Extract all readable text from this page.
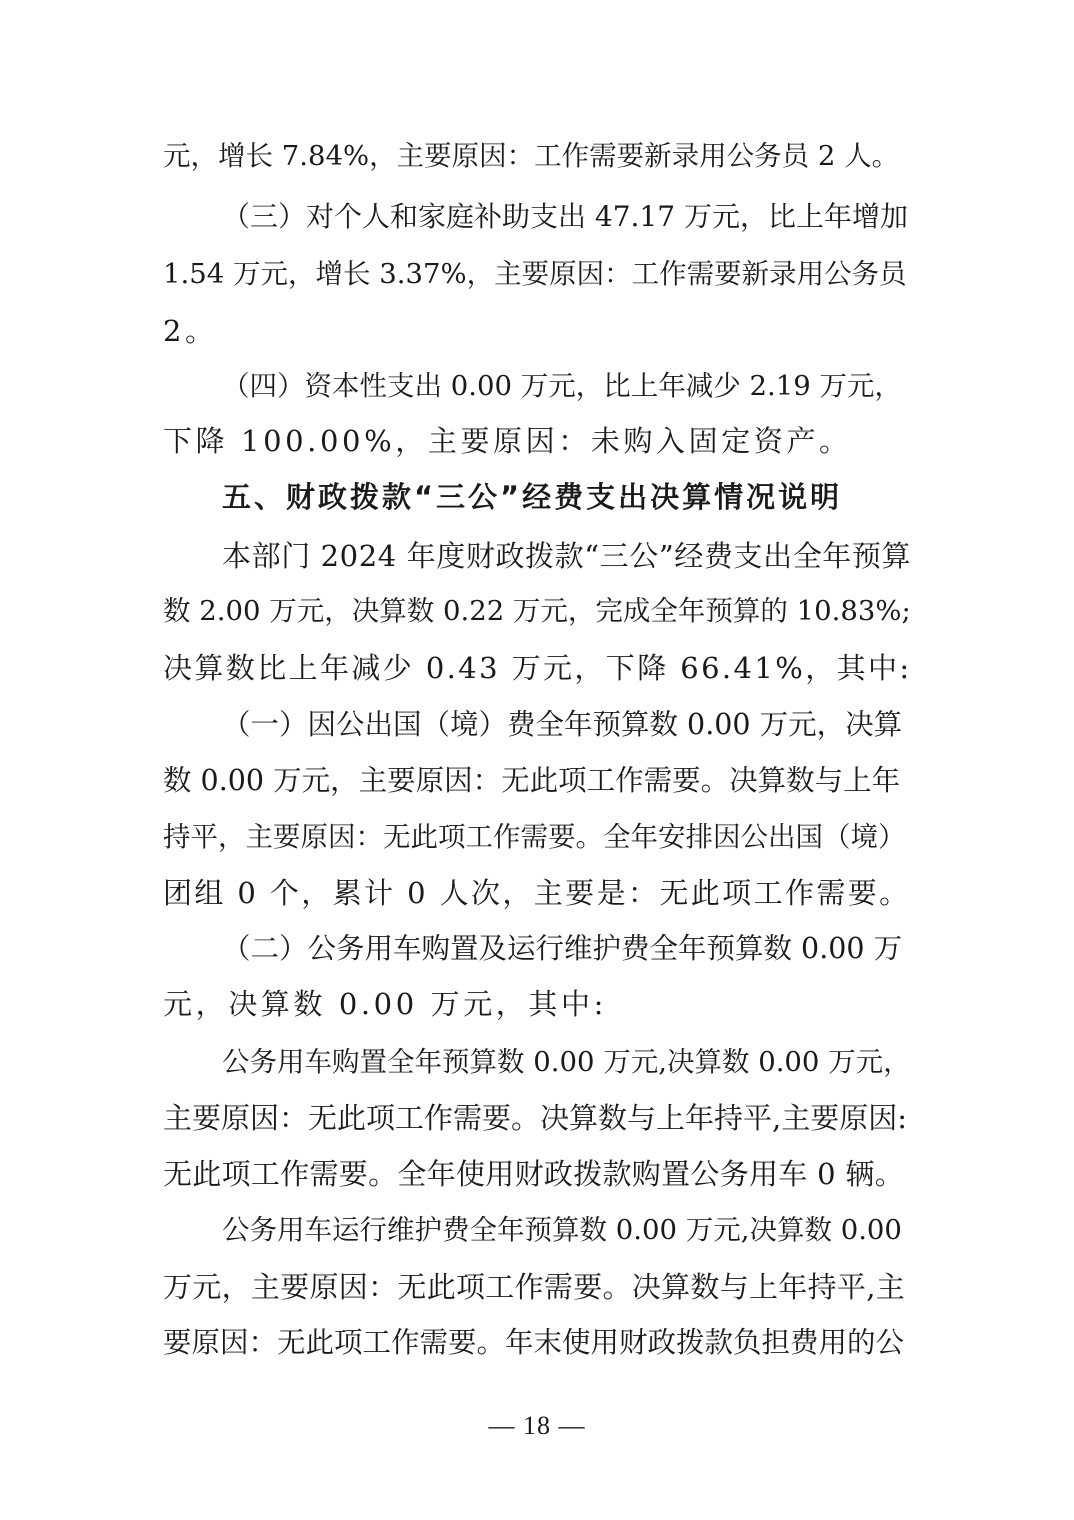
元，增长 7.84%，主要原因：工作需要新录用公务员 2 人。
（三）对个人和家庭补助支出 47.17 万元，比上年增加
1.54 万元，增长 3.37%，主要原因：工作需要新录用公务员
2。
（四）资本性支出 0.00 万元，比上年减少 2.19 万元，
下降 100.00%，主要原因：未购入固定资产。
五、财政拨款“三公”经费支出决算情况说明
本部门 2024 年度财政拨款“三公”经费支出全年预算
数 2.00 万元，决算数 0.22 万元，完成全年预算的 10.83%;
决算数比上年减少 0.43 万元，下降 66.41%，其中:
（一）因公出国（境）费全年预算数 0.00 万元，决算
数 0.00 万元，主要原因：无此项工作需要。决算数与上年
持平，主要原因：无此项工作需要。全年安排因公出国（境）
团组 0 个，累计 0 人次，主要是：无此项工作需要。
（二）公务用车购置及运行维护费全年预算数 0.00 万
元，决算数 0.00 万元，其中:
公务用车购置全年预算数 0.00 万元,决算数 0.00 万元，
主要原因：无此项工作需要。决算数与上年持平,主要原因:
无此项工作需要。全年使用财政拨款购置公务用车 0 辆。
公务用车运行维护费全年预算数 0.00 万元,决算数 0.00
万元，主要原因：无此项工作需要。决算数与上年持平,主
要原因：无此项工作需要。年末使用财政拨款负担费用的公
— 18 —
